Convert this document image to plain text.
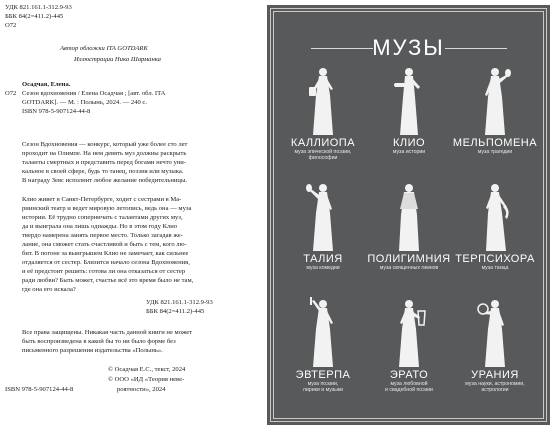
УДК 821.161.1-312.9-93

ББК 84(2=411.2)-445

О72

Автор обложки ITA GOTDARK

Иллюстрации Ника Шарманка

Осадчая, Елена.

О72 Сезон вдохновения / Елена Осадчая ; [авт. обл. ITA

GOTDARK]. — М. : Полынь, 2024. — 240 с.

ISBN 978-5-907124-44-8

Сезон Вдохновения — конкурс, который уже более сто лет
проходит на Олимпе. На нем девять муз должны раскрыть
таланты смертных и представить перед богами нечто уни-
кальное в своей сфере, будь то танец, поэзия или музыка.
В награду Зевс исполнит любое желание победительницы.
Клио живет в Санкт-Петербурге, ходит с сестрами в Ма-
риинский театр и ведет мировую летопись, ведь она — муза
истории. Её трудно соперничать с талантами других муз,
да и выиграла она лишь однажды. Но в этом году Клио
твердо намерена занять первое место. Только загадав же-
лание, она сможет стать счастливой и быть с тем, кого лю-
бит. В погоне за выигрышем Клио не замечает, как сильнее
отдаляется от сестер. Близится начало сезона Вдохновения,
и её предстоит решить: готова ли она отказаться от сестер
ради любви? Быть может, счастье всё это время было не там,
где она его искала?

УДК 821.161.1-312.9-93

ББК 84(2=411.2)-445

Все права защищены. Никакая часть данной книги не может
быть воспроизведена в какой бы то ни было форме без
письменного разрешения издательства «Полынь».

© Осадчая Е.С., текст, 2024

© ООО «ИД «Теория невe-

роятности», 2024

ISBN 978-5-907124-44-8

МУЗЫ
КАЛЛИОПА
муза эпической поэзии,
философии
КЛИО
муза истории
МЕЛЬПОМЕНА
муза трагедии
ТАЛИЯ
муза комедии
ПОЛИГИМНИЯ
муза священных гимнов
ТЕРПСИХОРА
муза танца
ЭВТЕРПА
муза поэзии,
лирики и музыки
ЭРАТО
муза любовной
и свадебной поэзии
УРАНИЯ
муза науки, астрономии,
астрологии
